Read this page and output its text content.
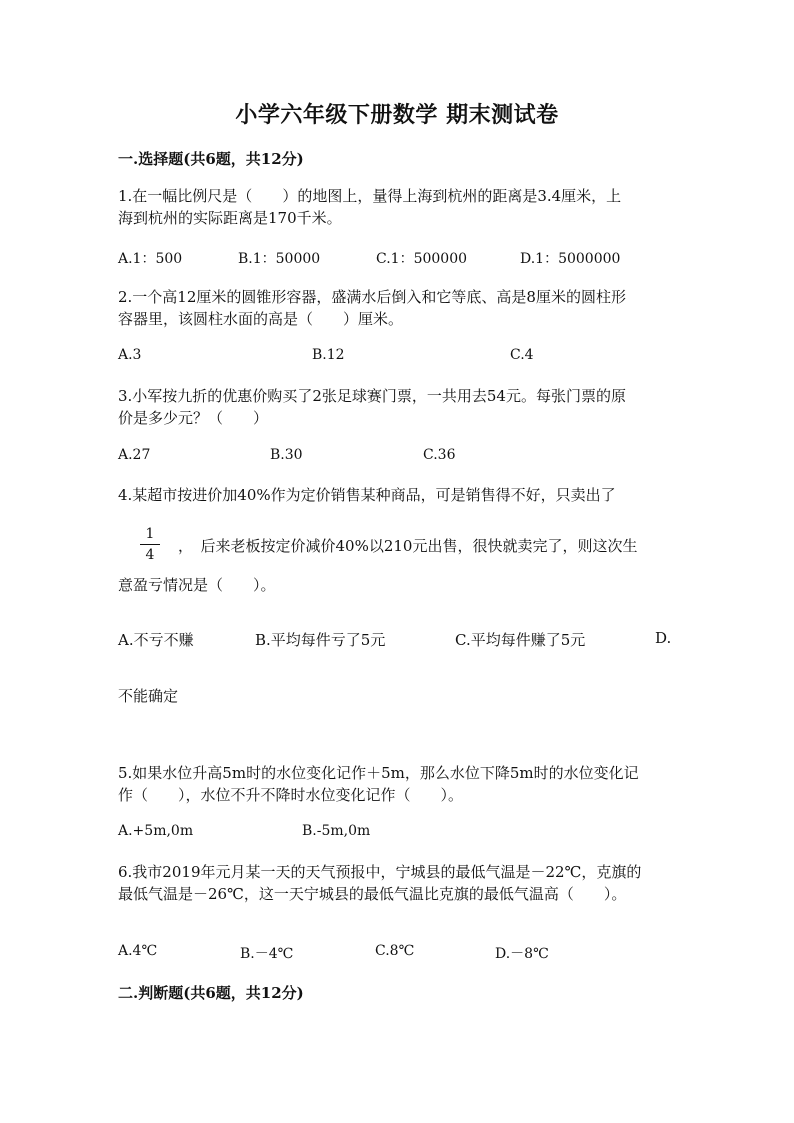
小学六年级下册数学 期末测试卷
一.选择题(共6题，共12分)
1.在一幅比例尺是（　　）的地图上，量得上海到杭州的距离是3.4厘米，上
海到杭州的实际距离是170千米。
A.1：500	B.1：50000	C.1：500000	D.1：5000000
2.一个高12厘米的圆锥形容器，盛满水后倒入和它等底、高是8厘米的圆柱形
容器里，该圆柱水面的高是（　　）厘米。
A.3	B.12	C.4
3.小军按九折的优惠价购买了2张足球赛门票，一共用去54元。每张门票的原
价是多少元？（　　）
A.27	B.30	C.36
4.某超市按进价加40%作为定价销售某种商品，可是销售得不好，只卖出了
1
4	，　后来老板按定价减价40%以210元出售，很快就卖完了，则这次生
意盈亏情况是（　　）。
A.不亏不赚	B.平均每件亏了5元	C.平均每件赚了5元	D.
不能确定
5.如果水位升高5m时的水位变化记作＋5m，那么水位下降5m时的水位变化记
作（　　），水位不升不降时水位变化记作（　　）。
A.+5m,0m	B.-5m,0m
6.我市2019年元月某一天的天气预报中，宁城县的最低气温是－22℃，克旗的
最低气温是－26℃，这一天宁城县的最低气温比克旗的最低气温高（　　）。
A.4℃	B.－4℃	C.8℃	D.－8℃
二.判断题(共6题，共12分)
